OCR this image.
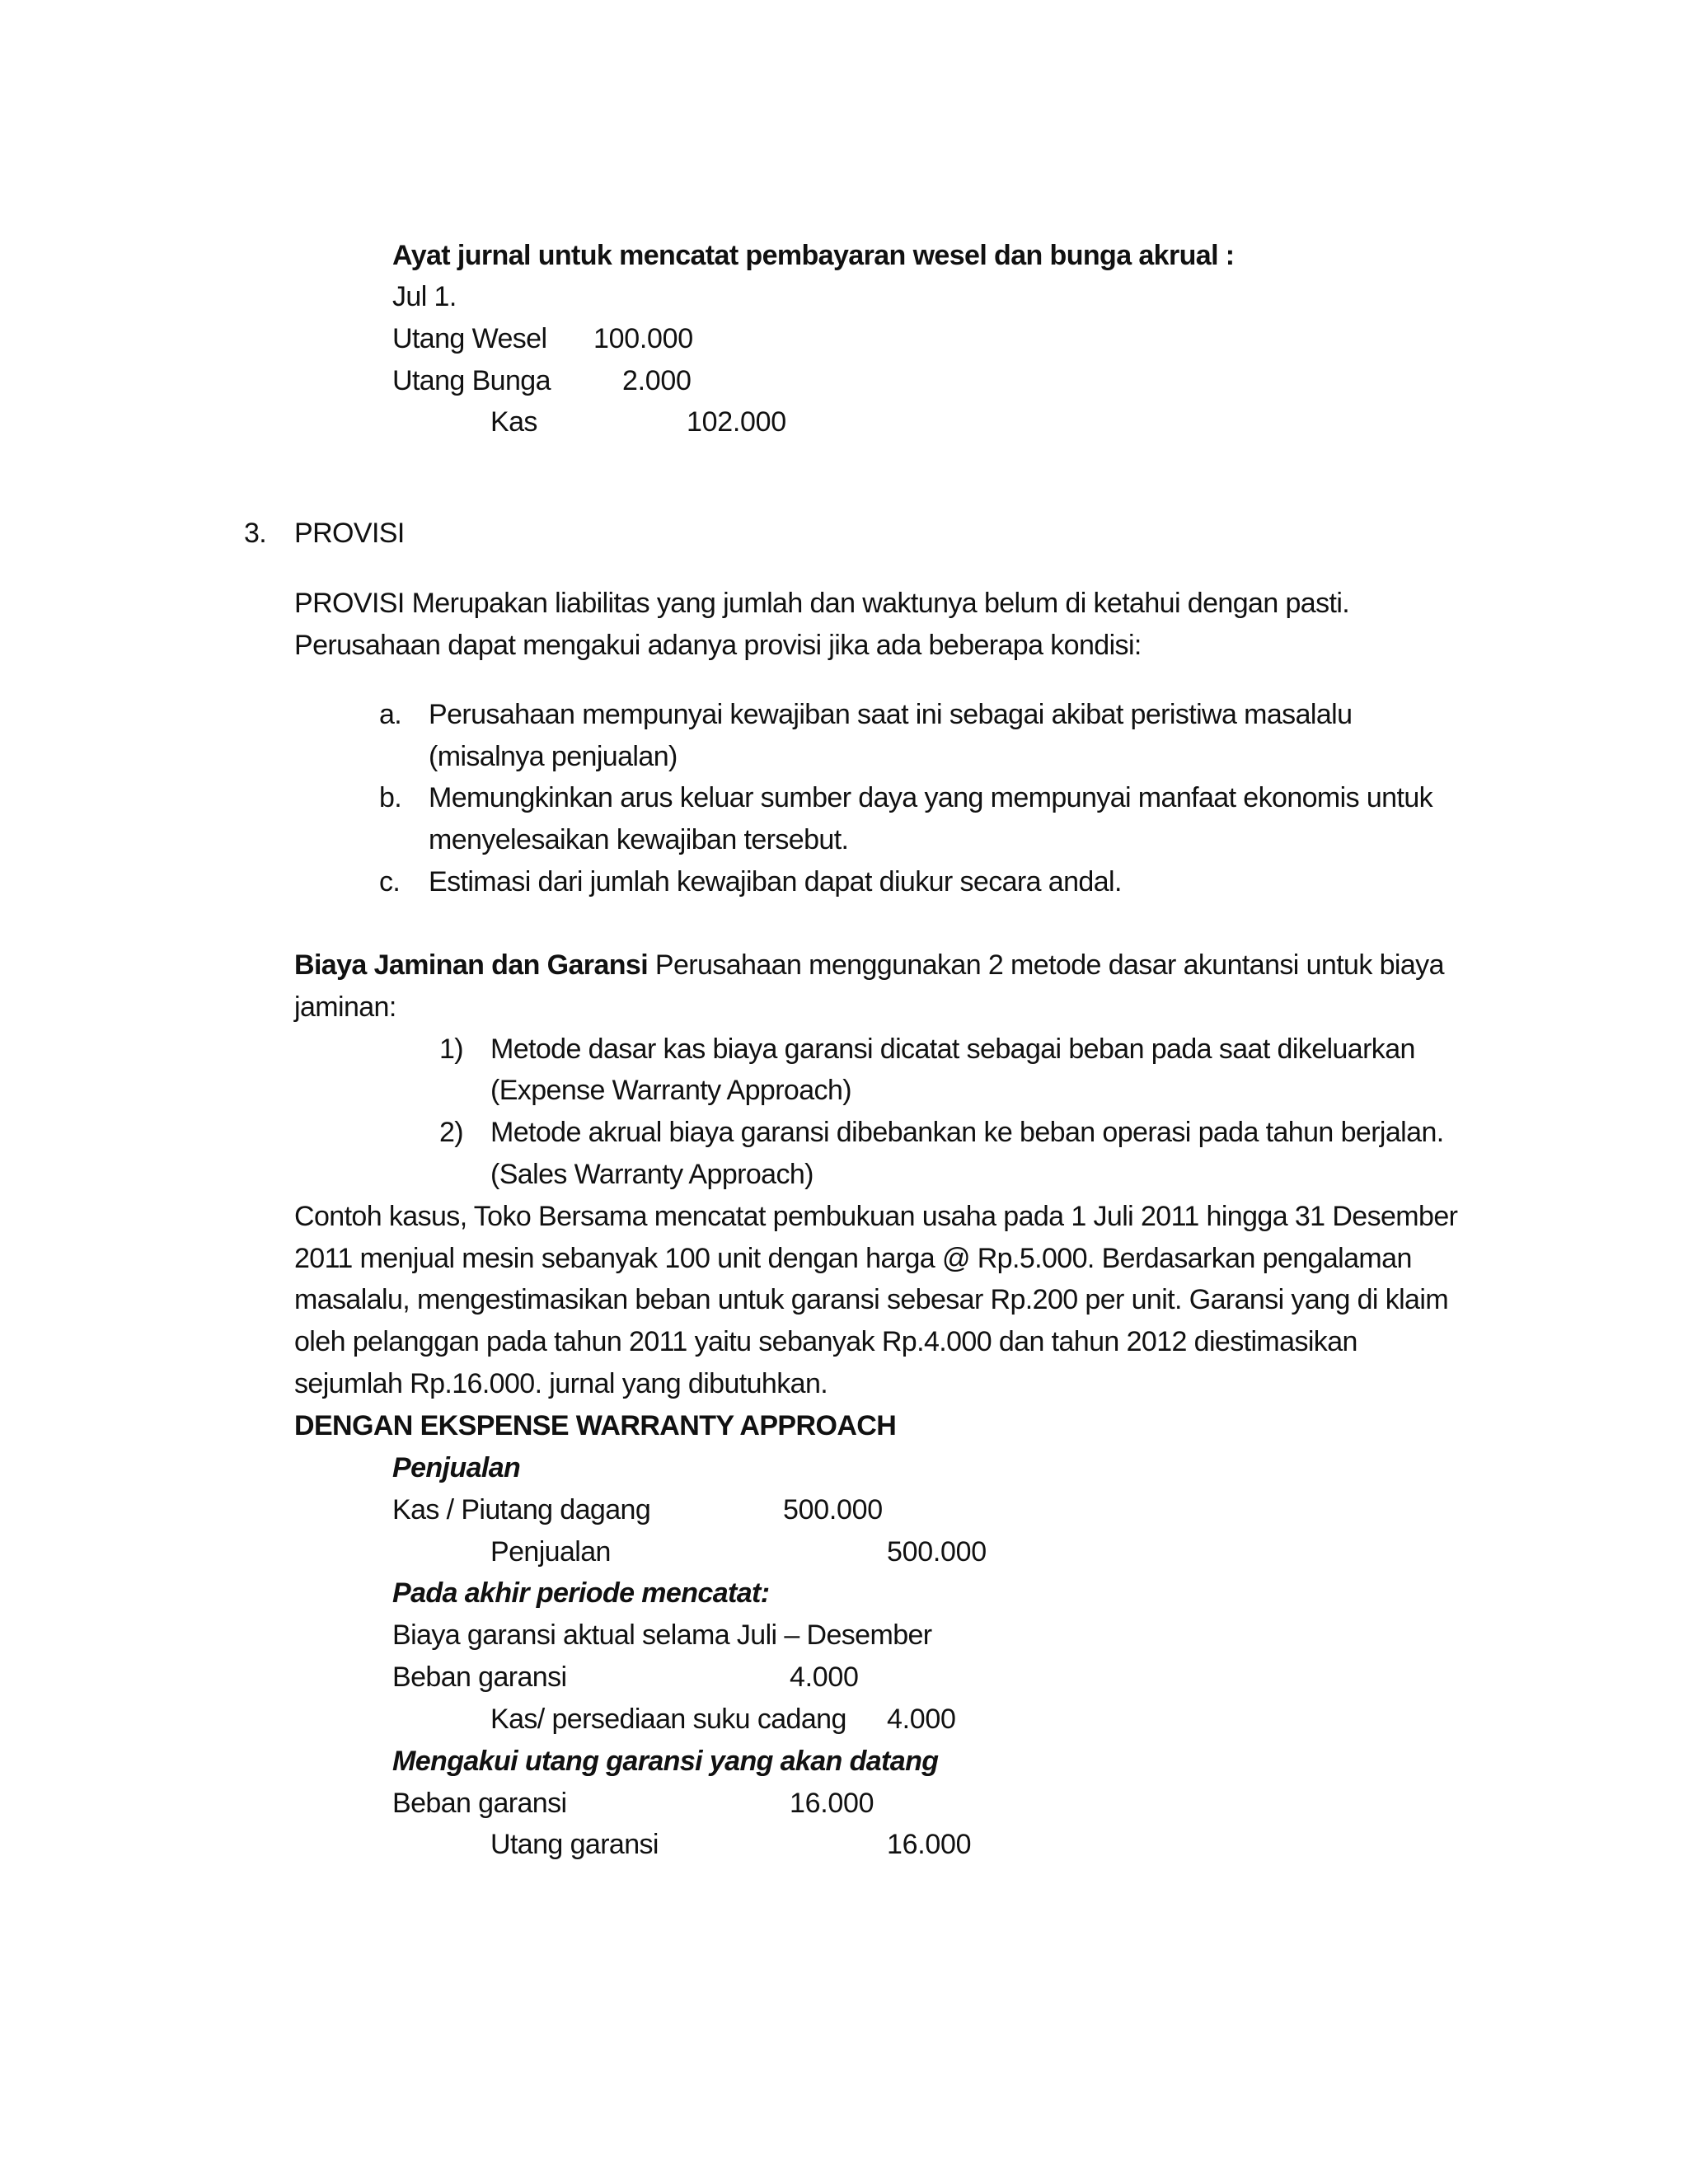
Ayat jurnal untuk mencatat pembayaran wesel dan bunga akrual :
Jul 1.
Utang Wesel 100.000
Utang Bunga	2.000
Kas	102.000
3. PROVISI
PROVISI Merupakan liabilitas yang jumlah dan waktunya belum di ketahui dengan pasti.
Perusahaan dapat mengakui adanya provisi jika ada beberapa kondisi:
a. Perusahaan mempunyai kewajiban saat ini sebagai akibat peristiwa masalalu
(misalnya penjualan)
b. Memungkinkan arus keluar sumber daya yang mempunyai manfaat ekonomis untuk
menyelesaikan kewajiban tersebut.
c. Estimasi dari jumlah kewajiban dapat diukur secara andal.
Biaya Jaminan dan Garansi Perusahaan menggunakan 2 metode dasar akuntansi untuk biaya
jaminan:
1) Metode dasar kas biaya garansi dicatat sebagai beban pada saat dikeluarkan
(Expense Warranty Approach)
2) Metode akrual biaya garansi dibebankan ke beban operasi pada tahun berjalan.
(Sales Warranty Approach)
Contoh kasus, Toko Bersama mencatat pembukuan usaha pada 1 Juli 2011 hingga 31 Desember
2011 menjual mesin sebanyak 100 unit dengan harga @ Rp.5.000. Berdasarkan pengalaman
masalalu, mengestimasikan beban untuk garansi sebesar Rp.200 per unit. Garansi yang di klaim
oleh pelanggan pada tahun 2011 yaitu sebanyak Rp.4.000 dan tahun 2012 diestimasikan
sejumlah Rp.16.000. jurnal yang dibutuhkan.
DENGAN EKSPENSE WARRANTY APPROACH
Penjualan
Kas / Piutang dagang	500.000
Penjualan	500.000
Pada akhir periode mencatat:
Biaya garansi aktual selama Juli – Desember
Beban garansi	4.000
Kas/ persediaan suku cadang 4.000
Mengakui utang garansi yang akan datang
Beban garansi	16.000
Utang garansi	16.000
